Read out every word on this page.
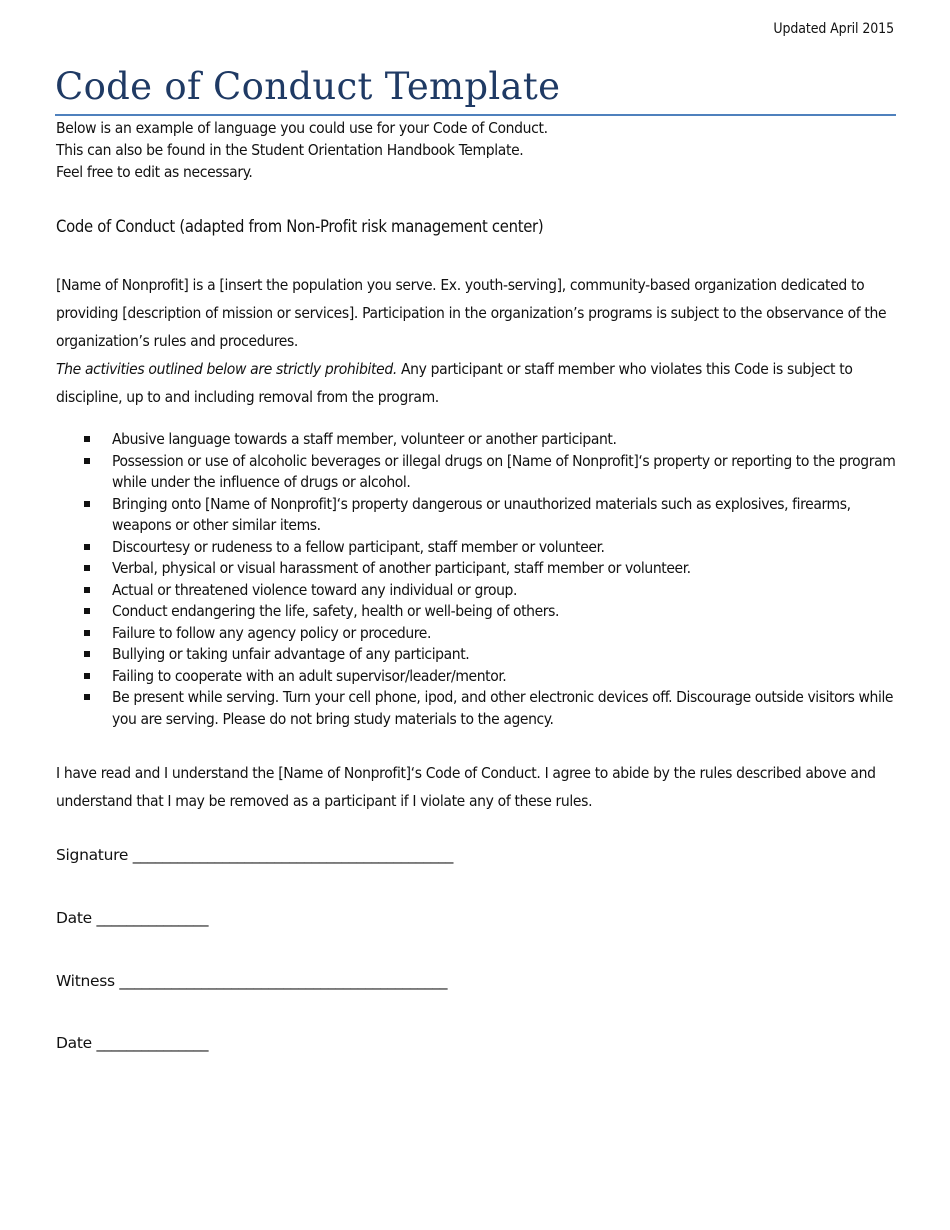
Updated April 2015
Code of Conduct Template

Below is an example of language you could use for your Code of Conduct.

This can also be found in the Student Orientation Handbook Template.

Feel free to edit as necessary.

Code of Conduct (adapted from Non-Profit risk management center)

[Name of Nonprofit] is a [insert the population you serve. Ex. youth-serving], community-based organization dedicated to providing [description of mission or services]. Participation in the organization’s programs is subject to the observance of the organization’s rules and procedures.

The activities outlined below are strictly prohibited. Any participant or staff member who violates this Code is subject to discipline, up to and including removal from the program.

Abusive language towards a staff member, volunteer or another participant.
Possession or use of alcoholic beverages or illegal drugs on [Name of Nonprofit]‘s property or reporting to the program while under the influence of drugs or alcohol.
Bringing onto [Name of Nonprofit]‘s property dangerous or unauthorized materials such as explosives, firearms, weapons or other similar items.
Discourtesy or rudeness to a fellow participant, staff member or volunteer.
Verbal, physical or visual harassment of another participant, staff member or volunteer.
Actual or threatened violence toward any individual or group.
Conduct endangering the life, safety, health or well-being of others.
Failure to follow any agency policy or procedure.
Bullying or taking unfair advantage of any participant.
Failing to cooperate with an adult supervisor/leader/mentor.
Be present while serving. Turn your cell phone, ipod, and other electronic devices off. Discourage outside visitors while you are serving. Please do not bring study materials to the agency.

I have read and I understand the [Name of Nonprofit]‘s Code of Conduct. I agree to abide by the rules described above and understand that I may be removed as a participant if I violate any of these rules.

Signature ___________________________________________

Date _______________

Witness ____________________________________________

Date _______________
